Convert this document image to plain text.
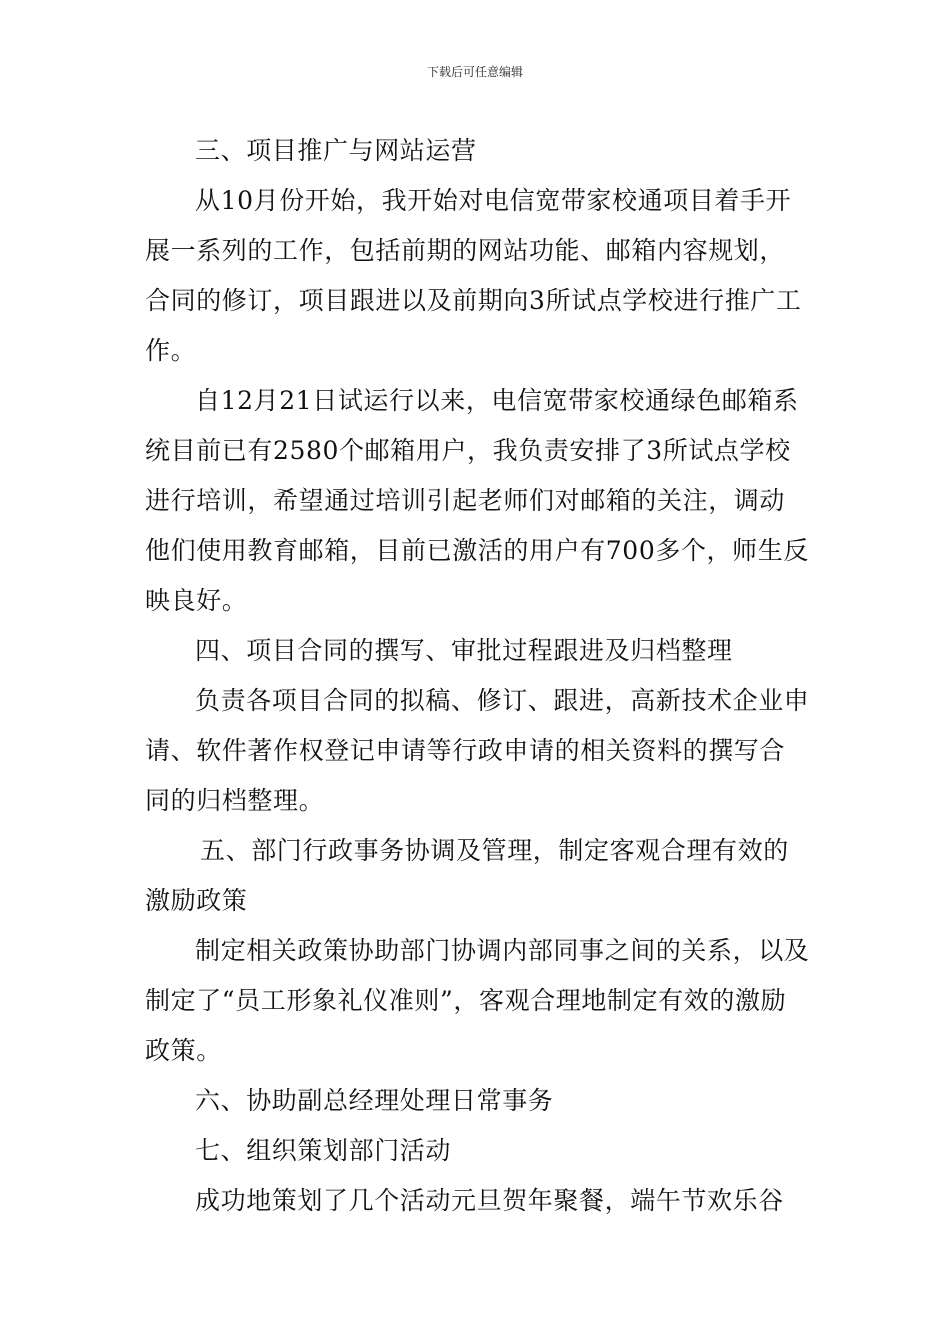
下载后可任意编辑

三、项目推广与网站运营

从10月份开始，我开始对电信宽带家校通项目着手开展一系列的工作，包括前期的网站功能、邮箱内容规划，合同的修订，项目跟进以及前期向3所试点学校进行推广工作。

自12月21日试运行以来，电信宽带家校通绿色邮箱系统目前已有2580个邮箱用户，我负责安排了3所试点学校进行培训，希望通过培训引起老师们对邮箱的关注，调动他们使用教育邮箱，目前已激活的用户有700多个，师生反映良好。

四、项目合同的撰写、审批过程跟进及归档整理

负责各项目合同的拟稿、修订、跟进，高新技术企业申请、软件著作权登记申请等行政申请的相关资料的撰写合同的归档整理。

五、部门行政事务协调及管理，制定客观合理有效的激励政策

制定相关政策协助部门协调内部同事之间的关系，以及制定了“员工形象礼仪准则”，客观合理地制定有效的激励政策。

六、协助副总经理处理日常事务

七、组织策划部门活动

成功地策划了几个活动元旦贺年聚餐，端午节欢乐谷
